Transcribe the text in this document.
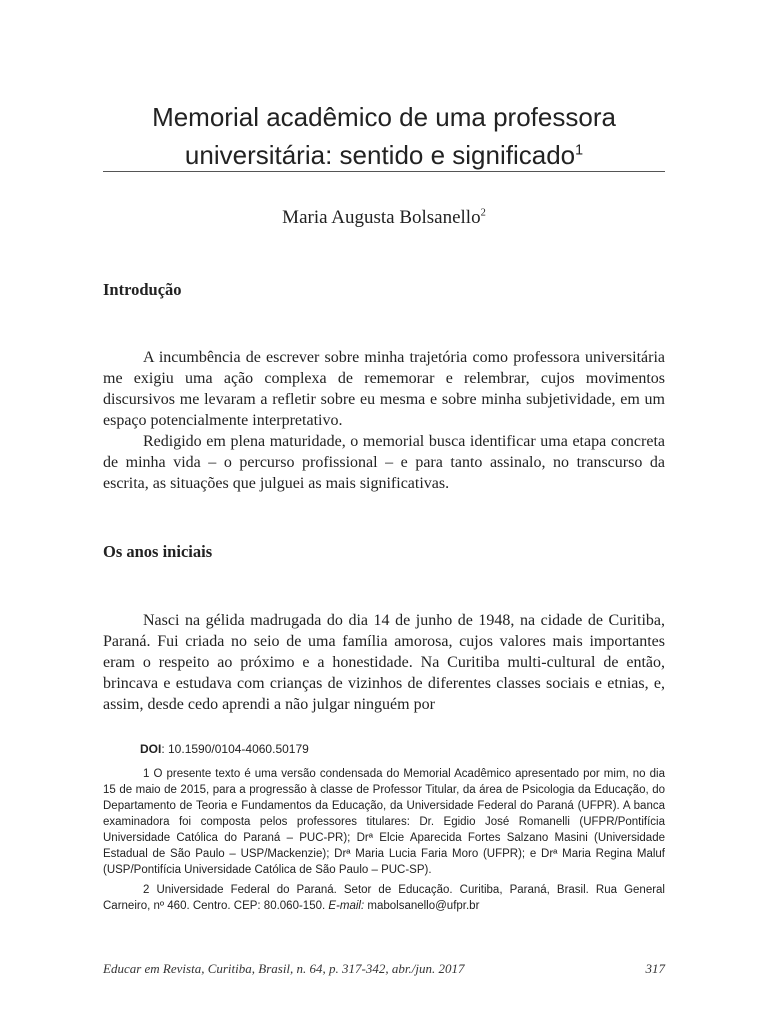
Memorial acadêmico de uma professora
universitária: sentido e significado$^1$
Maria Augusta Bolsanello$^2$
Introdução

A incumbência de escrever sobre minha trajetória como professora universitária me exigiu uma ação complexa de rememorar e relembrar, cujos movimentos discursivos me levaram a refletir sobre eu mesma e sobre minha subjetividade, em um espaço potencialmente interpretativo.

Redigido em plena maturidade, o memorial busca identificar uma etapa concreta de minha vida – o percurso profissional – e para tanto assinalo, no transcurso da escrita, as situações que julguei as mais significativas.

Os anos iniciais

Nasci na gélida madrugada do dia 14 de junho de 1948, na cidade de Curitiba, Paraná. Fui criada no seio de uma família amorosa, cujos valores mais importantes eram o respeito ao próximo e a honestidade. Na Curitiba multi-cultural de então, brincava e estudava com crianças de vizinhos de diferentes classes sociais e etnias, e, assim, desde cedo aprendi a não julgar ninguém por

DOI: 10.1590/0104-4060.50179

1 O presente texto é uma versão condensada do Memorial Acadêmico apresentado por mim, no dia 15 de maio de 2015, para a progressão à classe de Professor Titular, da área de Psicologia da Educação, do Departamento de Teoria e Fundamentos da Educação, da Universidade Federal do Paraná (UFPR). A banca examinadora foi composta pelos professores titulares: Dr. Egidio José Romanelli (UFPR/Pontifícia Universidade Católica do Paraná – PUC-PR); Drª Elcie Aparecida Fortes Salzano Masini (Universidade Estadual de São Paulo – USP/Mackenzie); Drª Maria Lucia Faria Moro (UFPR); e Drª Maria Regina Maluf (USP/Pontifícia Universidade Católica de São Paulo – PUC-SP).

2 Universidade Federal do Paraná. Setor de Educação. Curitiba, Paraná, Brasil. Rua General Carneiro, nº 460. Centro. CEP: 80.060-150. E-mail: mabolsanello@ufpr.br

Educar em Revista, Curitiba, Brasil, n. 64, p. 317-342, abr./jun. 2017	317
